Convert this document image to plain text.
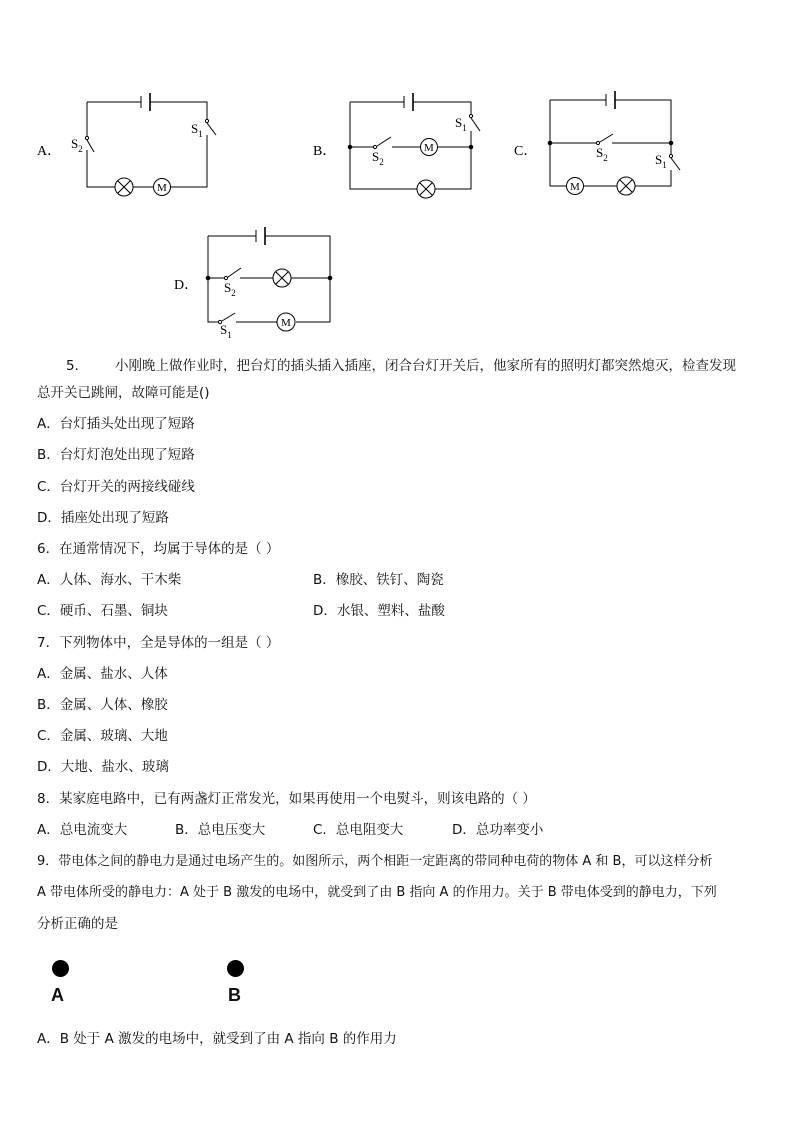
A．
$S_1$
$S_2$
M
B．
$S_1$
$S_2$
M	C．
$S_1$
$S_2$
M
D． $S_2$
$S_1$
M
5． 小刚晚上做作业时，把台灯的插头插入插座，闭合台灯开关后，他家所有的照明灯都突然熄灭，检查发现
总开关已跳闸，故障可能是()
A．台灯插头处出现了短路
B．台灯灯泡处出现了短路
C．台灯开关的两接线碰线
D．插座处出现了短路
6．在通常情况下，均属于导体的是（ ）
A．人体、海水、干木柴	B．橡胶、铁钉、陶瓷
C．硬币、石墨、铜块	D．水银、塑料、盐酸
7．下列物体中，全是导体的一组是（ ）
A．金属、盐水、人体
B．金属、人体、橡胶
C．金属、玻璃、大地
D．大地、盐水、玻璃
8．某家庭电路中，已有两盏灯正常发光，如果再使用一个电熨斗，则该电路的（ ）
A．总电流变大	B．总电压变大	C．总电阻变大	D．总功率变小
9．带电体之间的静电力是通过电场产生的。如图所示，两个相距一定距离的带同种电荷的物体 A 和 B，可以这样分析
A 带电体所受的静电力：A 处于 B 激发的电场中，就受到了由 B 指向 A 的作用力。关于 B 带电体受到的静电力，下列
分析正确的是
A	B
A．B 处于 A 激发的电场中，就受到了由 A 指向 B 的作用力
